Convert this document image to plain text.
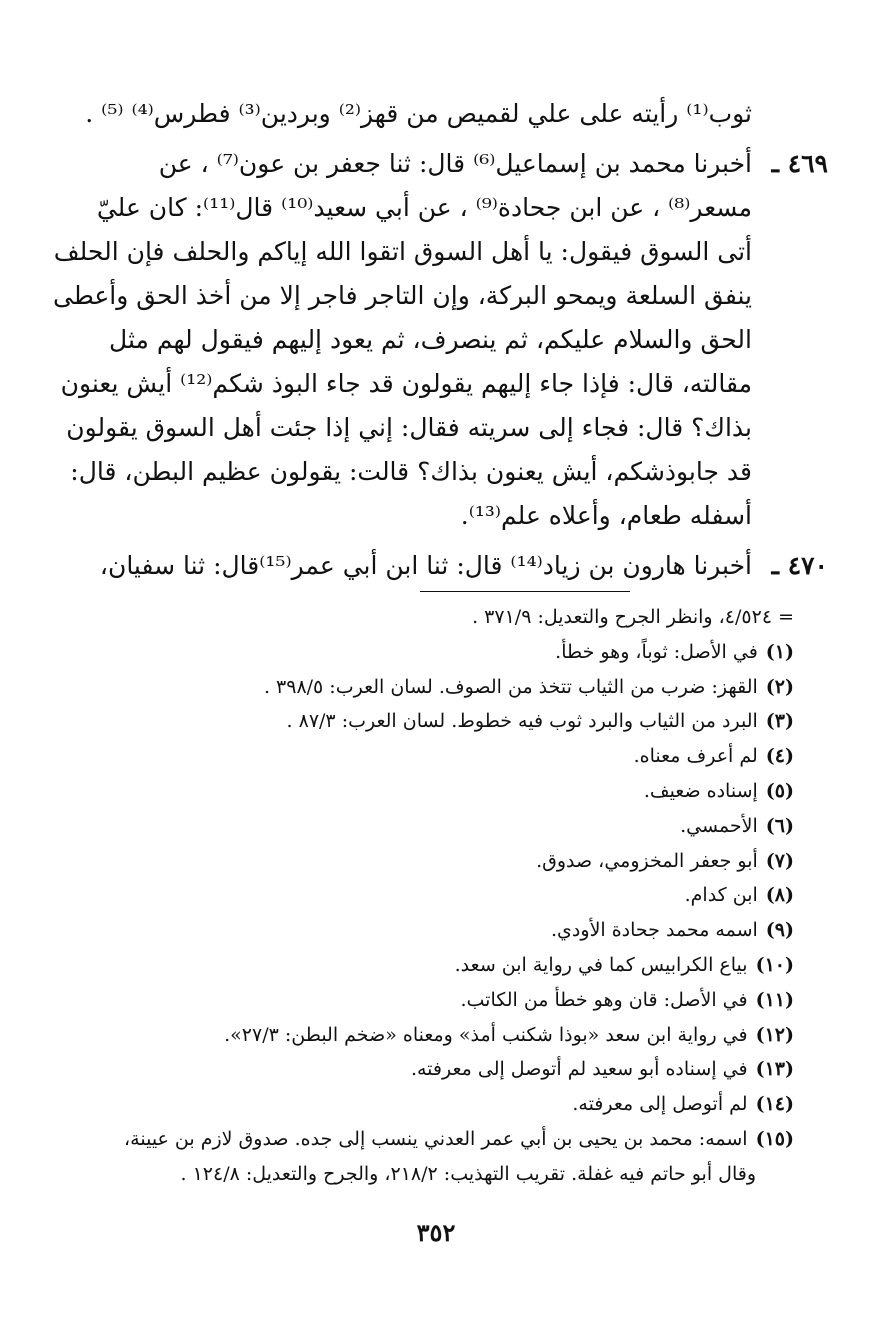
ثوب⁽¹⁾ رأيته على علي لقميص من قهز⁽²⁾ وبردين⁽³⁾ فطرس⁽⁴⁾ ⁽⁵⁾ .
٤٦٩ ـ
أخبرنا محمد بن إسماعيل⁽⁶⁾ قال: ثنا جعفر بن عون⁽⁷⁾ ، عن
مسعر⁽⁸⁾ ، عن ابن جحادة⁽⁹⁾ ، عن أبي سعيد⁽¹⁰⁾ قال⁽¹¹⁾: كان عليّ
أتى السوق فيقول: يا أهل السوق اتقوا الله إياكم والحلف فإن الحلف
ينفق السلعة ويمحو البركة، وإن التاجر فاجر إلا من أخذ الحق وأعطى
الحق والسلام عليكم، ثم ينصرف، ثم يعود إليهم فيقول لهم مثل
مقالته، قال: فإذا جاء إليهم يقولون قد جاء البوذ شكم⁽¹²⁾ أيش يعنون
بذاك؟ قال: فجاء إلى سريته فقال: إني إذا جئت أهل السوق يقولون
قد جابوذشكم، أيش يعنون بذاك؟ قالت: يقولون عظيم البطن، قال:
أسفله طعام، وأعلاه علم⁽¹³⁾.
٤٧٠ ـ
أخبرنا هارون بن زياد⁽¹⁴⁾ قال: ثنا ابن أبي عمر⁽¹⁵⁾قال: ثنا سفيان،
= ٤/٥٢٤، وانظر الجرح والتعديل: ٣٧١/٩ .
(١)في الأصل: ثوباً، وهو خطأ.
(٢)القهز: ضرب من الثياب تتخذ من الصوف. لسان العرب: ٣٩٨/٥ .
(٣)البرد من الثياب والبرد ثوب فيه خطوط. لسان العرب: ٨٧/٣ .
(٤)لم أعرف معناه.
(٥)إسناده ضعيف.
(٦)الأحمسي.
(٧)أبو جعفر المخزومي، صدوق.
(٨)ابن كدام.
(٩)اسمه محمد جحادة الأودي.
(١٠)بياع الكرابيس كما في رواية ابن سعد.
(١١)في الأصل: قان وهو خطأ من الكاتب.
(١٢)في رواية ابن سعد «بوذا شكنب أمذ» ومعناه «ضخم البطن: ٢٧/٣».
(١٣)في إسناده أبو سعيد لم أتوصل إلى معرفته.
(١٤)لم أتوصل إلى معرفته.
(١٥)اسمه: محمد بن يحيى بن أبي عمر العدني ينسب إلى جده. صدوق لازم بن عيينة،
وقال أبو حاتم فيه غفلة. تقريب التهذيب: ٢١٨/٢، والجرح والتعديل: ١٢٤/٨ .
٣٥٢
